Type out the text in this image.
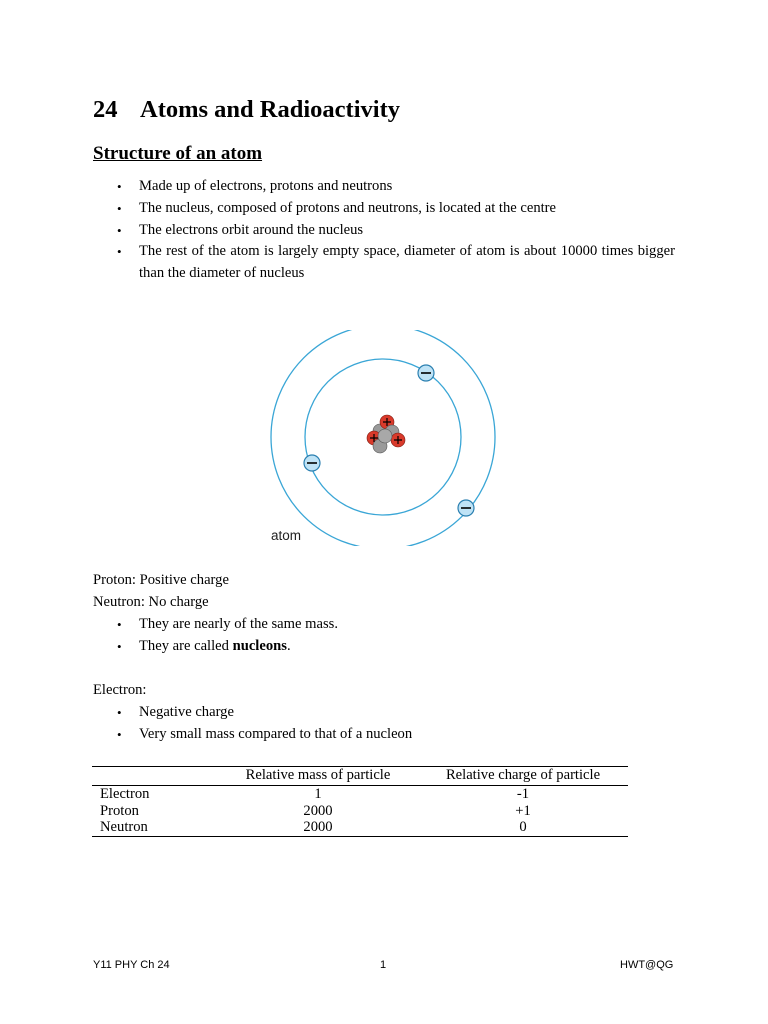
24 Atoms and Radioactivity
Structure of an atom
• Made up of electrons, protons and neutrons
• The nucleus, composed of protons and neutrons, is located at the centre
• The electrons orbit around the nucleus
• The rest of the atom is largely empty space, diameter of atom is about 10000 times bigger than the diameter of nucleus
atom

Proton: Positive charge

Neutron: No charge

• They are nearly of the same mass.
• They are called nucleons.

Electron:

• Negative charge
• Very small mass compared to that of a nucleon
	Relative mass of particle	Relative charge of particle
Electron	1	-1
Proton	2000	+1
Neutron	2000	0
Y11 PHY Ch 24	1	HWT@QG
